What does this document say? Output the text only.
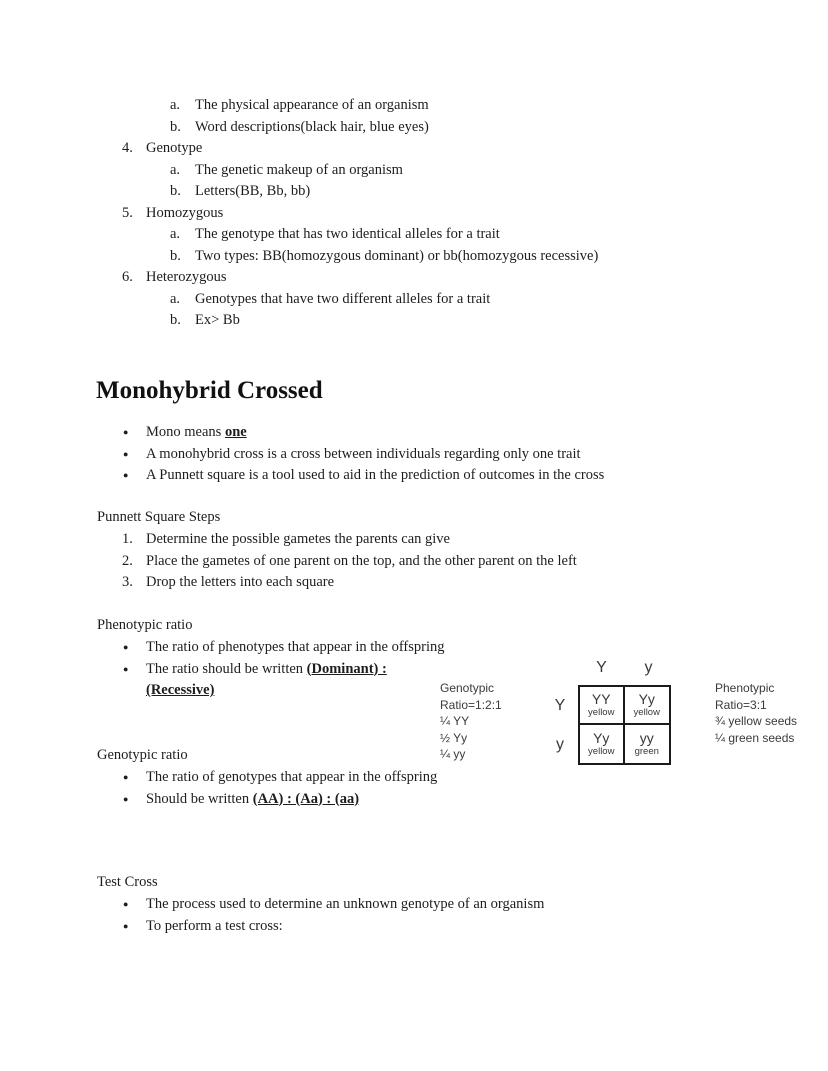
a. The physical appearance of an organism
b. Word descriptions(black hair, blue eyes)
4. Genotype
a. The genetic makeup of an organism
b. Letters(BB, Bb, bb)
5. Homozygous
a. The genotype that has two identical alleles for a trait
b. Two types: BB(homozygous dominant) or bb(homozygous recessive)
6. Heterozygous
a. Genotypes that have two different alleles for a trait
b. Ex> Bb
Monohybrid Crossed
● Mono means one
● A monohybrid cross is a cross between individuals regarding only one trait
● A Punnett square is a tool used to aid in the prediction of outcomes in the cross
Punnett Square Steps
1. Determine the possible gametes the parents can give
2. Place the gametes of one parent on the top, and the other parent on the left
3. Drop the letters into each square
Phenotypic ratio
● The ratio of phenotypes that appear in the offspring
● The ratio should be written (Dominant) : (Recessive)
Genotypic ratio
● The ratio of genotypes that appear in the offspring
● Should be written (AA) : (Aa) : (aa)
Test Cross
● The process used to determine an unknown genotype of an organism
● To perform a test cross:
Genotypic
Ratio=1:2:1
¼ YY
½ Yy
¼ yy
Y	y
Y
y
YY
yellow
Yy
yellow
Yy
yellow
yy
green
Phenotypic
Ratio=3:1
¾ yellow seeds
¼ green seeds
